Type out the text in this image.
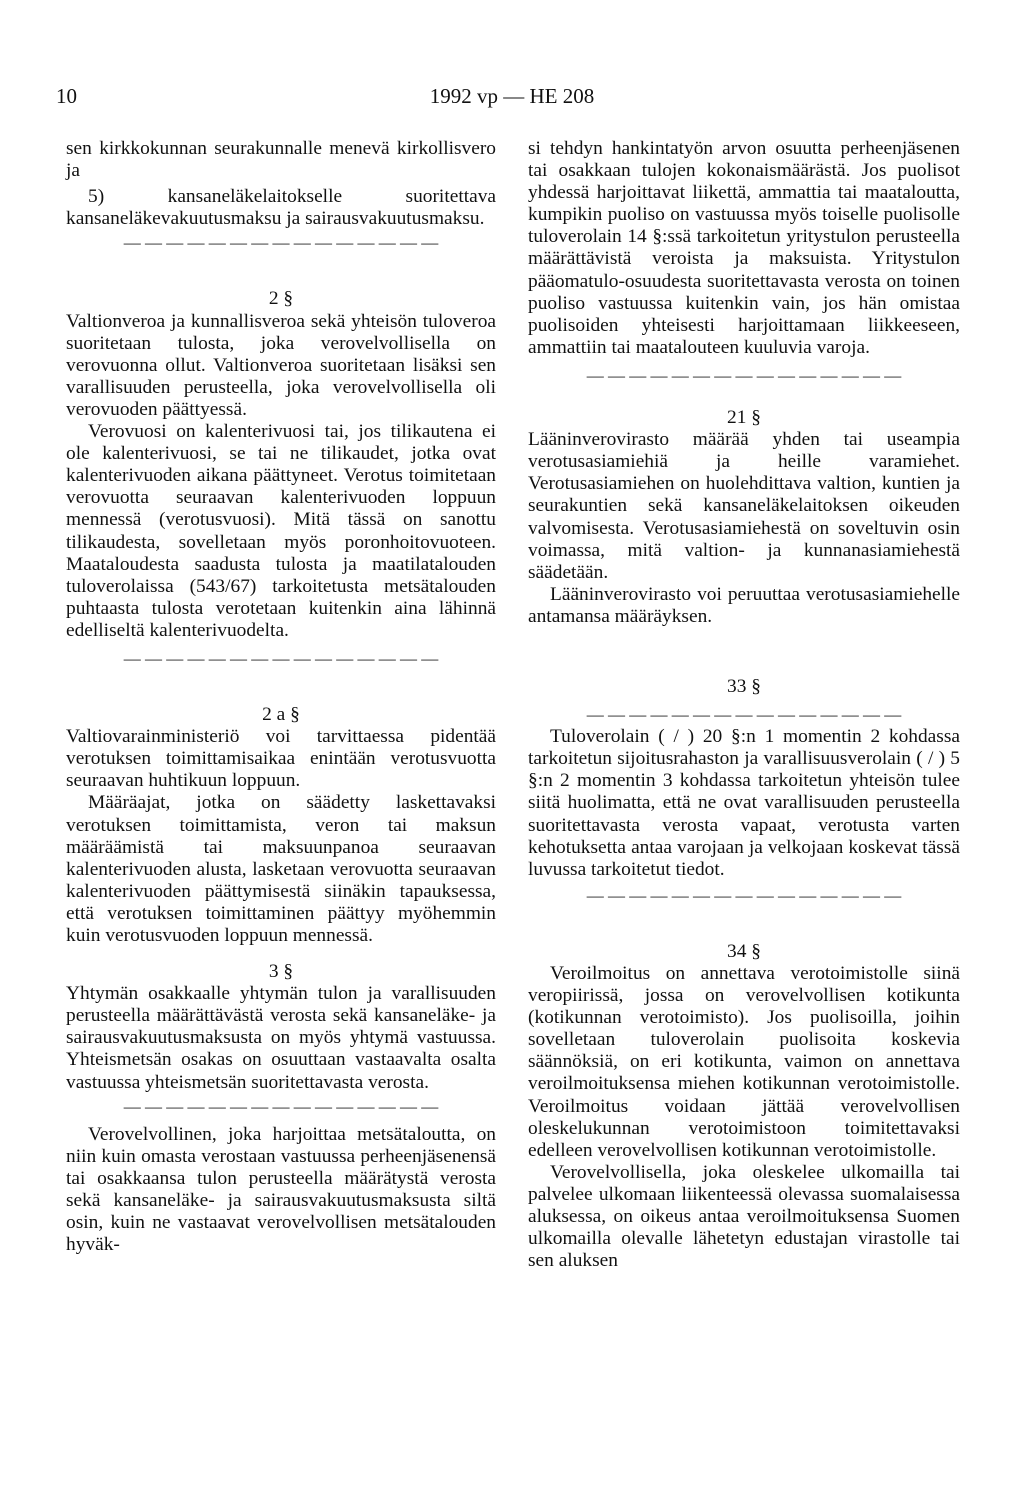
10	1992 vp — HE 208

sen kirkkokunnan seurakunnalle menevä kirkollisvero ja

5) kansaneläkelaitokselle suoritettava kansaneläkevakuutusmaksu ja sairausvakuutusmaksu.

— — — — — — — — — — — — — — —

2 §

Valtionveroa ja kunnallisveroa sekä yhteisön tuloveroa suoritetaan tulosta, joka verovelvollisella on verovuonna ollut. Valtionveroa suoritetaan lisäksi sen varallisuuden perusteella, joka verovelvollisella oli verovuoden päättyessä.

Verovuosi on kalenterivuosi tai, jos tilikautena ei ole kalenterivuosi, se tai ne tilikaudet, jotka ovat kalenterivuoden aikana päättyneet. Verotus toimitetaan verovuotta seuraavan kalenterivuoden loppuun mennessä (verotusvuosi). Mitä tässä on sanottu tilikaudesta, sovelletaan myös poronhoitovuoteen. Maataloudesta saadusta tulosta ja maatilatalouden tuloverolaissa (543/67) tarkoitetusta metsätalouden puhtaasta tulosta verotetaan kuitenkin aina lähinnä edelliseltä kalenterivuodelta.

— — — — — — — — — — — — — — —

2 a §

Valtiovarainministeriö voi tarvittaessa pidentää verotuksen toimittamisaikaa enintään verotusvuotta seuraavan huhtikuun loppuun.

Määräajat, jotka on säädetty laskettavaksi verotuksen toimittamista, veron tai maksun määräämistä tai maksuunpanoa seuraavan kalenterivuoden alusta, lasketaan verovuotta seuraavan kalenterivuoden päättymisestä siinäkin tapauksessa, että verotuksen toimittaminen päättyy myöhemmin kuin verotusvuoden loppuun mennessä.

3 §

Yhtymän osakkaalle yhtymän tulon ja varallisuuden perusteella määrättävästä verosta sekä kansaneläke- ja sairausvakuutusmaksusta on myös yhtymä vastuussa. Yhteismetsän osakas on osuuttaan vastaavalta osalta vastuussa yhteismetsän suoritettavasta verosta.

— — — — — — — — — — — — — — —

Verovelvollinen, joka harjoittaa metsätaloutta, on niin kuin omasta verostaan vastuussa perheenjäsenensä tai osakkaansa tulon perusteella määrätystä verosta sekä kansaneläke- ja sairausvakuutusmaksusta siltä osin, kuin ne vastaavat verovelvollisen metsätalouden hyväk-

si tehdyn hankintatyön arvon osuutta perheenjäsenen tai osakkaan tulojen kokonaismäärästä. Jos puolisot yhdessä harjoittavat liikettä, ammattia tai maataloutta, kumpikin puoliso on vastuussa myös toiselle puolisolle tuloverolain 14 §:ssä tarkoitetun yritystulon perusteella määrättävistä veroista ja maksuista. Yritystulon pääomatulo-osuudesta suoritettavasta verosta on toinen puoliso vastuussa kuitenkin vain, jos hän omistaa puolisoiden yhteisesti harjoittamaan liikkeeseen, ammattiin tai maatalouteen kuuluvia varoja.

— — — — — — — — — — — — — — —

21 §

Lääninverovirasto määrää yhden tai useampia verotusasiamiehiä ja heille varamiehet. Verotusasiamiehen on huolehdittava valtion, kuntien ja seurakuntien sekä kansaneläkelaitoksen oikeuden valvomisesta. Verotusasiamiehestä on soveltuvin osin voimassa, mitä valtion- ja kunnanasiamiehestä säädetään.

Lääninverovirasto voi peruuttaa verotusasiamiehelle antamansa määräyksen.

33 §

— — — — — — — — — — — — — — —

Tuloverolain ( / ) 20 §:n 1 momentin 2 kohdassa tarkoitetun sijoitusrahaston ja varallisuusverolain ( / ) 5 §:n 2 momentin 3 kohdassa tarkoitetun yhteisön tulee siitä huolimatta, että ne ovat varallisuuden perusteella suoritettavasta verosta vapaat, verotusta varten kehotuksetta antaa varojaan ja velkojaan koskevat tässä luvussa tarkoitetut tiedot.

— — — — — — — — — — — — — — —

34 §

Veroilmoitus on annettava verotoimistolle siinä veropiirissä, jossa on verovelvollisen kotikunta (kotikunnan verotoimisto). Jos puolisoilla, joihin sovelletaan tuloverolain puolisoita koskevia säännöksiä, on eri kotikunta, vaimon on annettava veroilmoituksensa miehen kotikunnan verotoimistolle. Veroilmoitus voidaan jättää verovelvollisen oleskelukunnan verotoimistoon toimitettavaksi edelleen verovelvollisen kotikunnan verotoimistolle.

Verovelvollisella, joka oleskelee ulkomailla tai palvelee ulkomaan liikenteessä olevassa suomalaisessa aluksessa, on oikeus antaa veroilmoituksensa Suomen ulkomailla olevalle lähetetyn edustajan virastolle tai sen aluksen
